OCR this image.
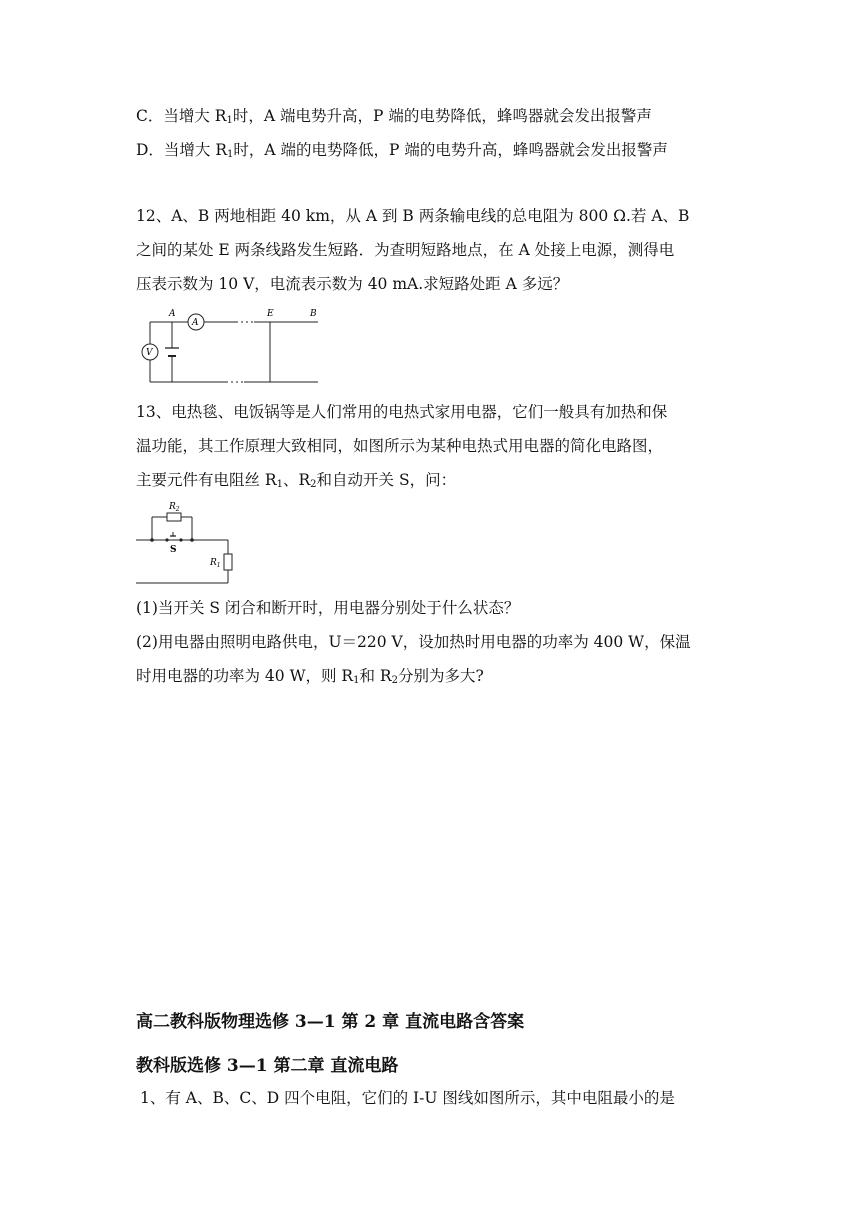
C．当增大 $R_1$时，A 端电势升高，P 端的电势降低，蜂鸣器就会发出报警声
D．当增大 $R_1$时，A 端的电势降低，P 端的电势升高，蜂鸣器就会发出报警声
12、A、B 两地相距 40 km，从 A 到 B 两条输电线的总电阻为 800 Ω.若 A、B
之间的某处 E 两条线路发生短路．为查明短路地点，在 A 处接上电源，测得电
压表示数为 10 V，电流表示数为 40 mA.求短路处距 A 多远？
A
V
A	E	B
13、电热毯、电饭锅等是人们常用的电热式家用电器，它们一般具有加热和保
温功能，其工作原理大致相同，如图所示为某种电热式用电器的简化电路图，
主要元件有电阻丝 $R_1$、$R_2$和自动开关 S，问：
$R_2$
S
$R_1$
(1)当开关 S 闭合和断开时，用电器分别处于什么状态？
(2)用电器由照明电路供电，U＝220 V，设加热时用电器的功率为 400 W，保温
时用电器的功率为 40 W，则 $R_1$和 $R_2$分别为多大?
高二教科版物理选修 3—1 第 2 章 直流电路含答案
教科版选修 3—1 第二章 直流电路
1、有 A、B、C、D 四个电阻，它们的 I-U 图线如图所示，其中电阻最小的是
